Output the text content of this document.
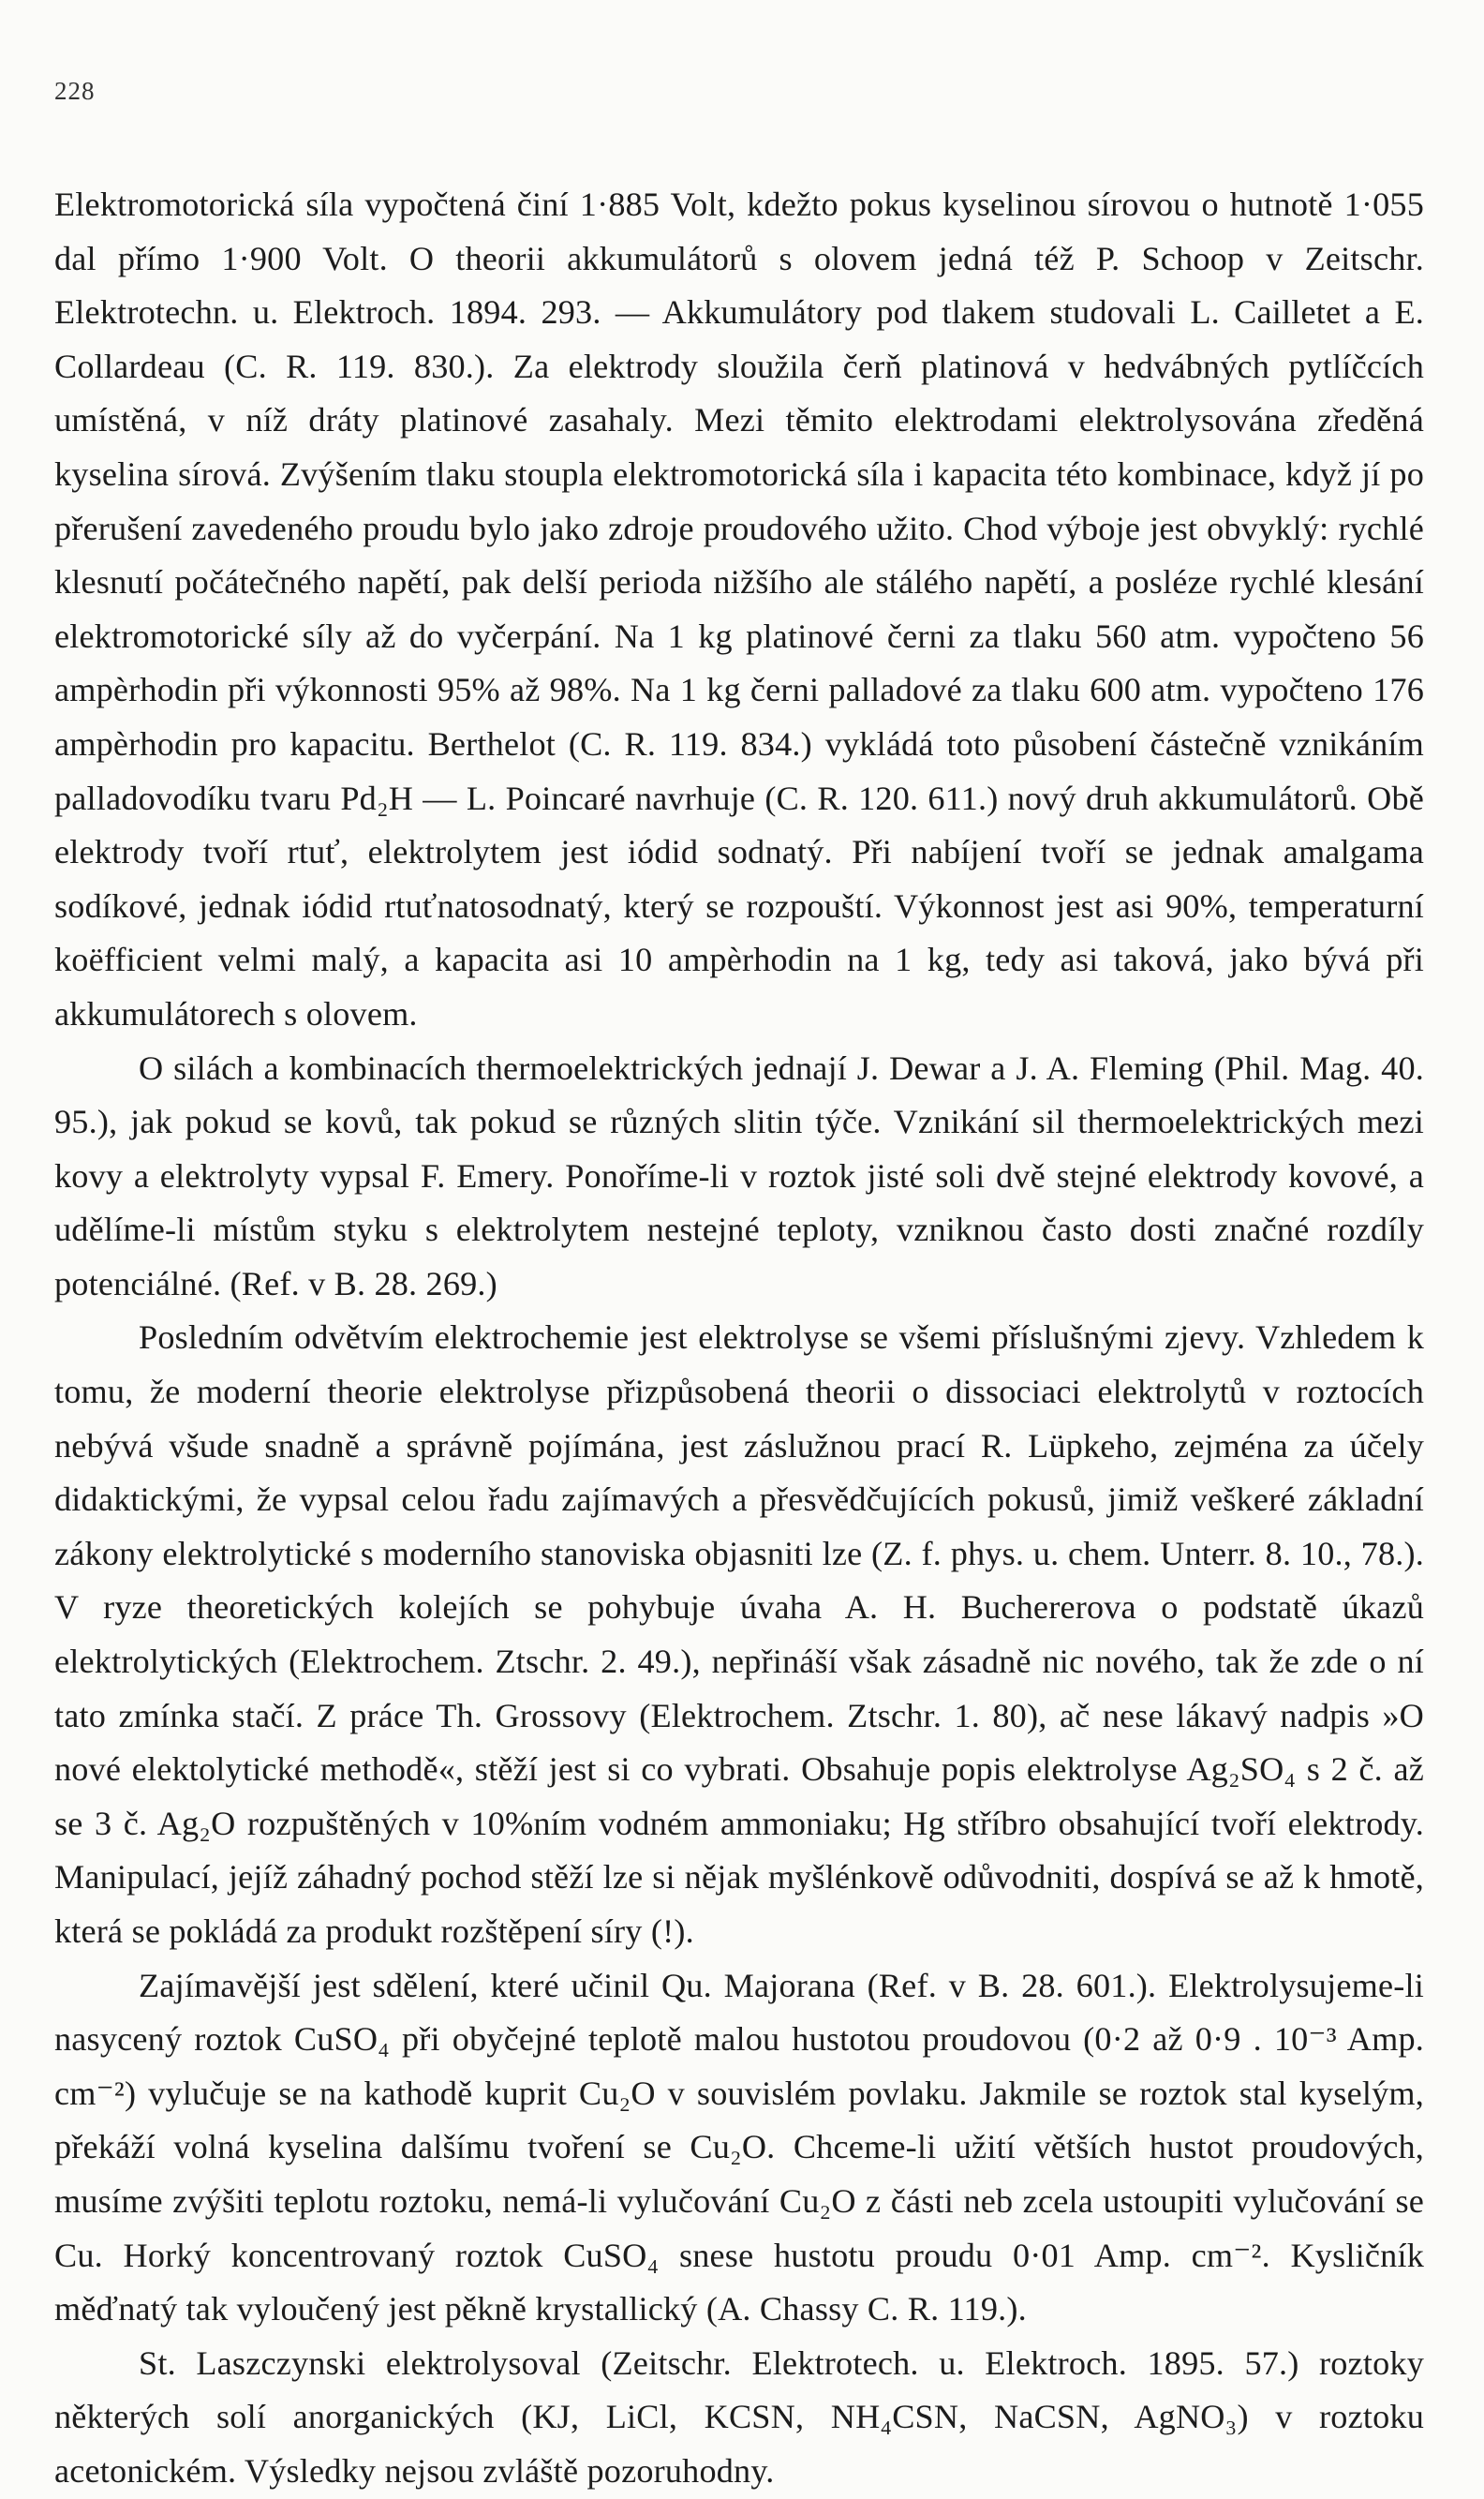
228

Elektromotorická síla vypočtená činí 1·885 Volt, kdežto pokus kyselinou sírovou o hutnotě 1·055 dal přímo 1·900 Volt. O theorii akkumulátorů s olovem jedná též P. Schoop v Zeitschr. Elektrotechn. u. Elektroch. 1894. 293. — Akkumulátory pod tlakem studovali L. Cailletet a E. Collardeau (C. R. 119. 830.). Za elektrody sloužila čerň platinová v hedvábných pytlíčcích umístěná, v níž dráty platinové zasahaly. Mezi těmito elektrodami elektrolysována zředěná kyselina sírová. Zvýšením tlaku stoupla elektromotorická síla i kapacita této kombinace, když jí po přerušení zavedeného proudu bylo jako zdroje proudového užito. Chod výboje jest obvyklý: rychlé klesnutí počátečného napětí, pak delší perioda nižšího ale stálého napětí, a posléze rychlé klesání elektromotorické síly až do vyčerpání. Na 1 kg platinové černi za tlaku 560 atm. vypočteno 56 ampèrhodin při výkonnosti 95% až 98%. Na 1 kg černi palladové za tlaku 600 atm. vypočteno 176 ampèrhodin pro kapacitu. Berthelot (C. R. 119. 834.) vykládá toto působení částečně vznikáním palladovodíku tvaru Pd₂H — L. Poincaré navrhuje (C. R. 120. 611.) nový druh akkumulátorů. Obě elektrody tvoří rtuť, elektrolytem jest iódid sodnatý. Při nabíjení tvoří se jednak amalgama sodíkové, jednak iódid rtuťnatosodnatý, který se rozpouští. Výkonnost jest asi 90%, temperaturní koëfficient velmi malý, a kapacita asi 10 ampèrhodin na 1 kg, tedy asi taková, jako bývá při akkumulátorech s olovem.

O silách a kombinacích thermoelektrických jednají J. Dewar a J. A. Fleming (Phil. Mag. 40. 95.), jak pokud se kovů, tak pokud se různých slitin týče. Vznikání sil thermoelektrických mezi kovy a elektrolyty vypsal F. Emery. Ponoříme-li v roztok jisté soli dvě stejné elektrody kovové, a udělíme-li místům styku s elektrolytem nestejné teploty, vzniknou často dosti značné rozdíly potenciálné. (Ref. v B. 28. 269.)

Posledním odvětvím elektrochemie jest elektrolyse se všemi příslušnými zjevy. Vzhledem k tomu, že moderní theorie elektrolyse přizpůsobená theorii o dissociaci elektrolytů v roztocích nebývá všude snadně a správně pojímána, jest záslužnou prací R. Lüpkeho, zejména za účely didaktickými, že vypsal celou řadu zajímavých a přesvědčujících pokusů, jimiž veškeré základní zákony elektrolytické s moderního stanoviska objasniti lze (Z. f. phys. u. chem. Unterr. 8. 10., 78.). V ryze theoretických kolejích se pohybuje úvaha A. H. Buchererova o podstatě úkazů elektrolytických (Elektrochem. Ztschr. 2. 49.), nepřináší však zásadně nic nového, tak že zde o ní tato zmínka stačí. Z práce Th. Grossovy (Elektrochem. Ztschr. 1. 80), ač nese lákavý nadpis »O nové elektolytické methodě«, stěží jest si co vybrati. Obsahuje popis elektrolyse Ag₂SO₄ s 2 č. až se 3 č. Ag₂O rozpuštěných v 10%ním vodném ammoniaku; Hg stříbro obsahující tvoří elektrody. Manipulací, jejíž záhadný pochod stěží lze si nějak myšlénkově odůvodniti, dospívá se až k hmotě, která se pokládá za produkt rozštěpení síry (!).

Zajímavější jest sdělení, které učinil Qu. Majorana (Ref. v B. 28. 601.). Elektrolysujeme-li nasycený roztok CuSO₄ při obyčejné teplotě malou hustotou proudovou (0·2 až 0·9 . 10⁻³ Amp. cm⁻²) vylučuje se na kathodě kuprit Cu₂O v souvislém povlaku. Jakmile se roztok stal kyselým, překáží volná kyselina dalšímu tvoření se Cu₂O. Chceme-li užití větších hustot proudových, musíme zvýšiti teplotu roztoku, nemá-li vylučování Cu₂O z části neb zcela ustoupiti vylučování se Cu. Horký koncentrovaný roztok CuSO₄ snese hustotu proudu 0·01 Amp. cm⁻². Kysličník měďnatý tak vyloučený jest pěkně krystallický (A. Chassy C. R. 119.).

St. Laszczynski elektrolysoval (Zeitschr. Elektrotech. u. Elektroch. 1895. 57.) roztoky některých solí anorganických (KJ, LiCl, KCSN, NH₄CSN, NaCSN, AgNO₃) v roztoku acetonickém. Výsledky nejsou zvláště pozoruhodny.
